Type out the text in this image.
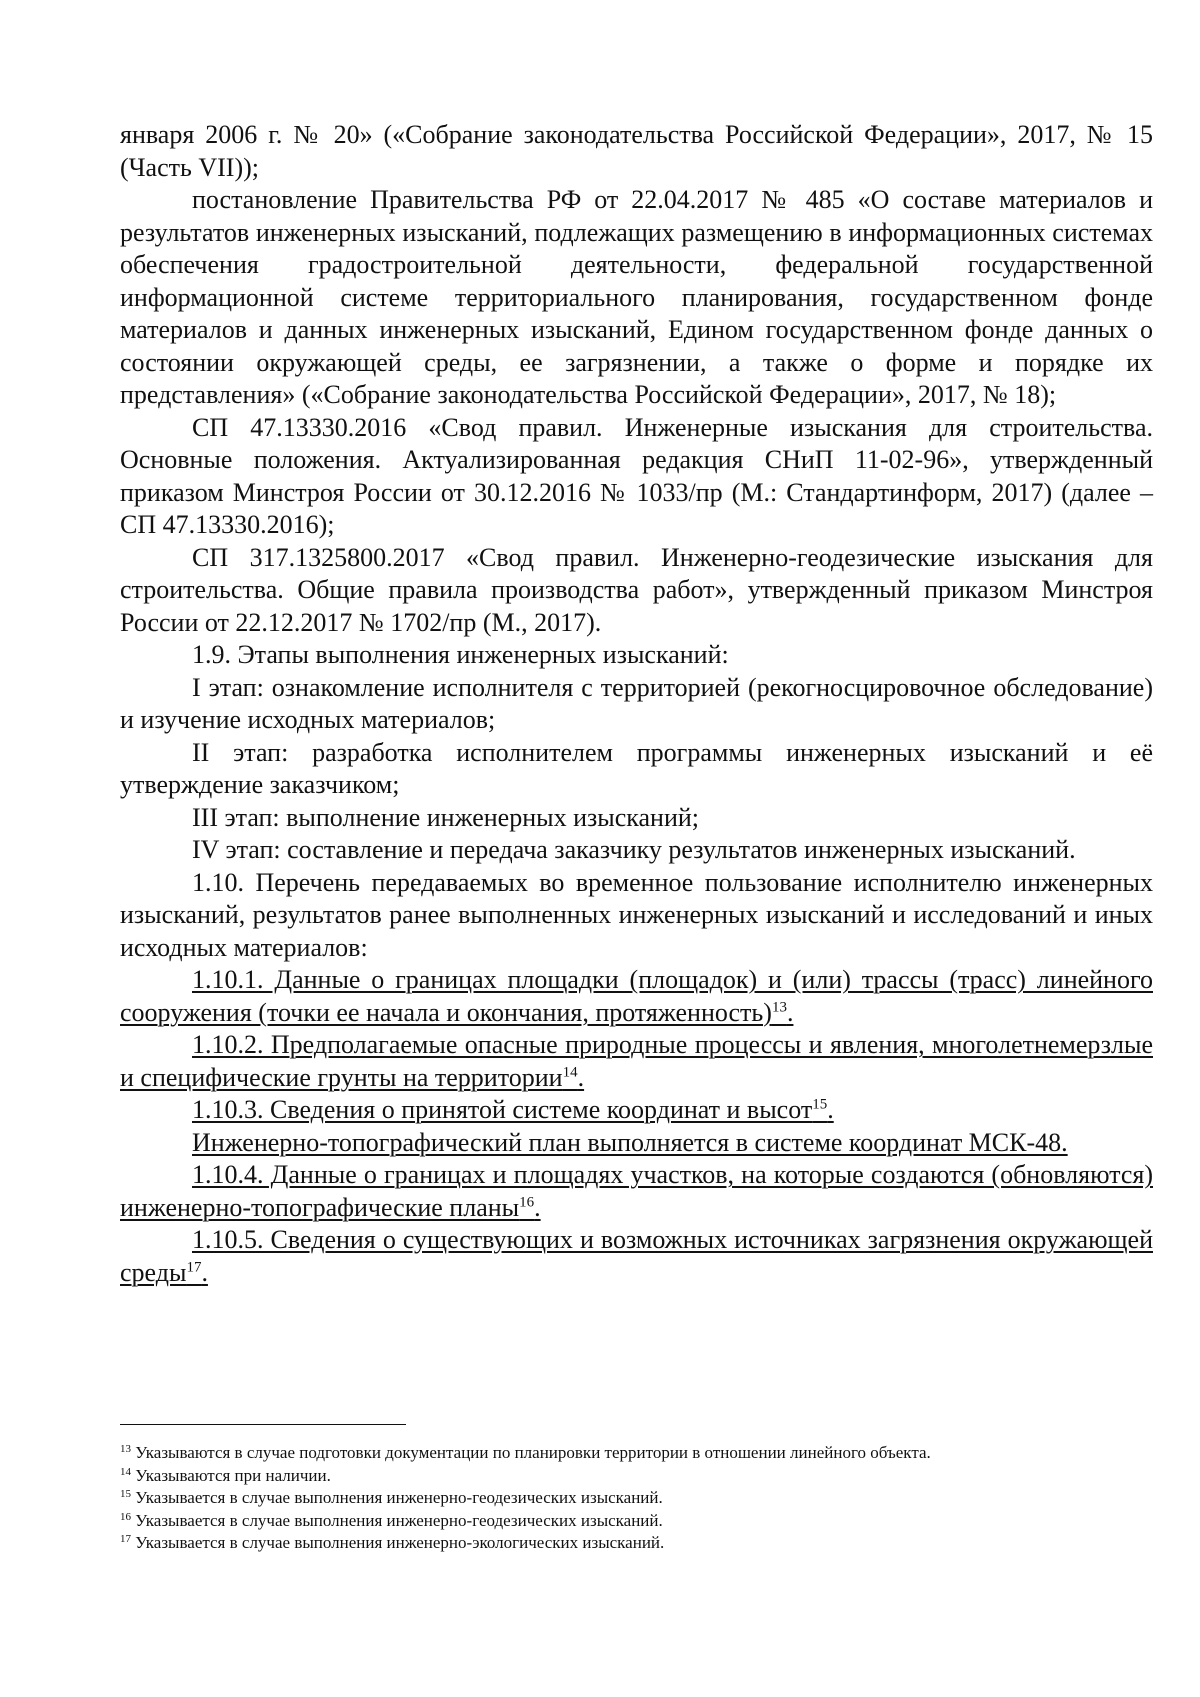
января 2006 г. № 20» («Собрание законодательства Российской Федерации», 2017, № 15 (Часть VII));

постановление Правительства РФ от 22.04.2017 № 485 «О составе материалов и результатов инженерных изысканий, подлежащих размещению в информационных системах обеспечения градостроительной деятельности, федеральной государственной информационной системе территориального планирования, государственном фонде материалов и данных инженерных изысканий, Едином государственном фонде данных о состоянии окружающей среды, ее загрязнении, а также о форме и порядке их представления» («Собрание законодательства Российской Федерации», 2017, № 18);

СП 47.13330.2016 «Свод правил. Инженерные изыскания для строительства. Основные положения. Актуализированная редакция СНиП 11-02-96», утвержденный приказом Минстроя России от 30.12.2016 № 1033/пр (М.: Стандартинформ, 2017) (далее – СП 47.13330.2016);

СП 317.1325800.2017 «Свод правил. Инженерно-геодезические изыскания для строительства. Общие правила производства работ», утвержденный приказом Минстроя России от 22.12.2017 № 1702/пр (М., 2017).

1.9. Этапы выполнения инженерных изысканий:

I этап: ознакомление исполнителя с территорией (рекогносцировочное обследование) и изучение исходных материалов;

II этап: разработка исполнителем программы инженерных изысканий и её утверждение заказчиком;

III этап: выполнение инженерных изысканий;

IV этап: составление и передача заказчику результатов инженерных изысканий.

1.10. Перечень передаваемых во временное пользование исполнителю инженерных изысканий, результатов ранее выполненных инженерных изысканий и исследований и иных исходных материалов:

1.10.1. Данные о границах площадки (площадок) и (или) трассы (трасс) линейного сооружения (точки ее начала и окончания, протяженность)$^{13}$.

1.10.2. Предполагаемые опасные природные процессы и явления, многолетнемерзлые и специфические грунты на территории$^{14}$.

1.10.3. Сведения о принятой системе координат и высот$^{15}$.

Инженерно-топографический план выполняется в системе координат МСК-48.

1.10.4. Данные о границах и площадях участков, на которые создаются (обновляются) инженерно-топографические планы$^{16}$.

1.10.5. Сведения о существующих и возможных источниках загрязнения окружающей среды$^{17}$.

$^{13}$ Указываются в случае подготовки документации по планировки территории в отношении линейного объекта.

$^{14}$ Указываются при наличии.

$^{15}$ Указывается в случае выполнения инженерно-геодезических изысканий.

$^{16}$ Указывается в случае выполнения инженерно-геодезических изысканий.

$^{17}$ Указывается в случае выполнения инженерно-экологических изысканий.
